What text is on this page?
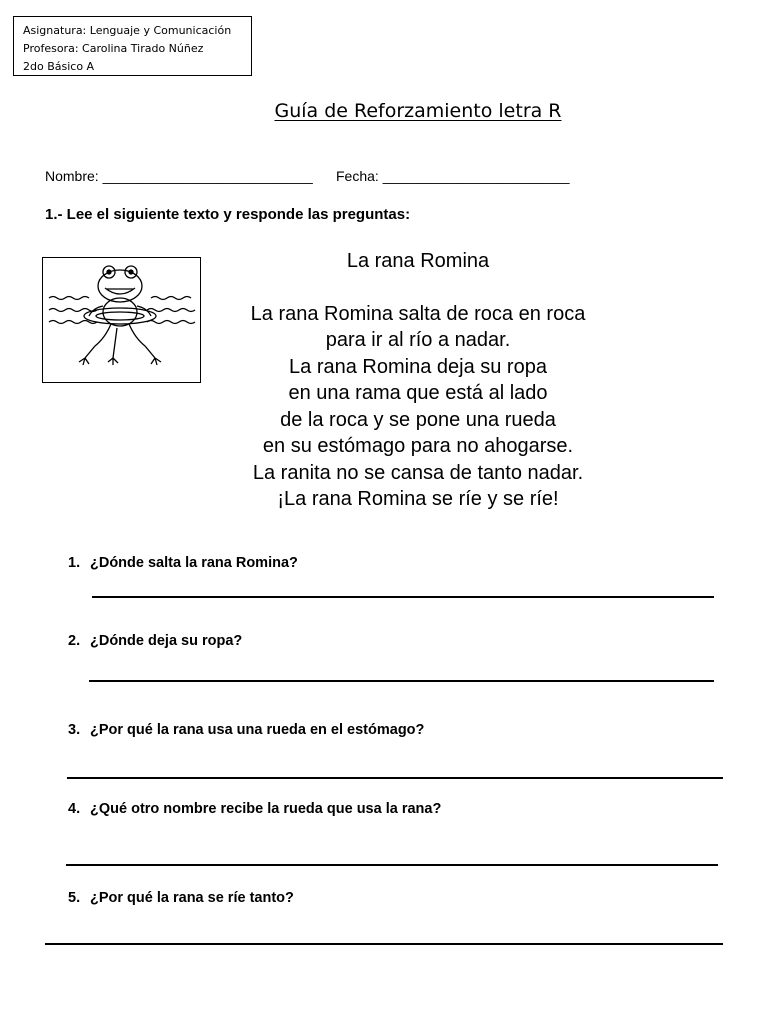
Asignatura: Lenguaje y Comunicación
Profesora: Carolina Tirado Núñez
2do Básico A
Guía de Reforzamiento letra R
Nombre: ___________________________ Fecha: ________________________
1.- Lee el siguiente texto y responde las preguntas:
La rana Romina
La rana Romina salta de roca en roca
para ir al río a nadar.
La rana Romina deja su ropa
en una rama que está al lado
de la roca y se pone una rueda
en su estómago para no ahogarse.
La ranita no se cansa de tanto nadar.
¡La rana Romina se ríe y se ríe!
1. ¿Dónde salta la rana Romina?
2. ¿Dónde deja su ropa?
3. ¿Por qué la rana usa una rueda en el estómago?
4. ¿Qué otro nombre recibe la rueda que usa la rana?
5. ¿Por qué la rana se ríe tanto?
